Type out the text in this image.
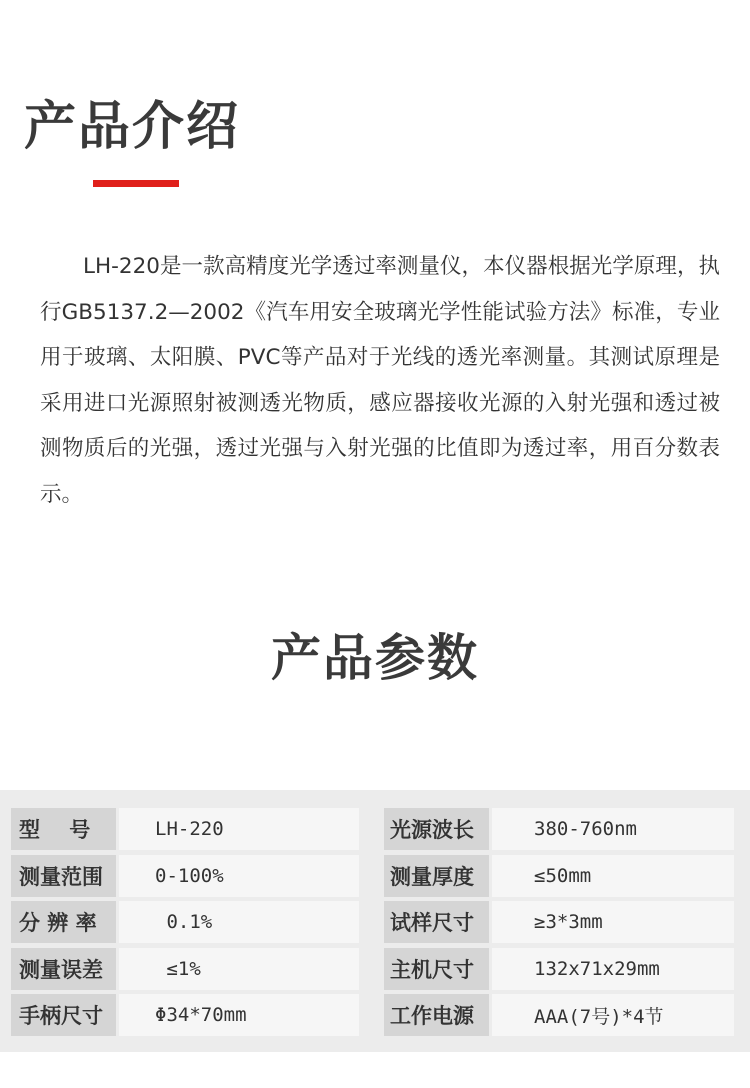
产品介绍

LH-220是一款高精度光学透过率测量仪，本仪器根据光学原理，执行GB5137.2—2002《汽车用安全玻璃光学性能试验方法》标准，专业用于玻璃、太阳膜、PVC等产品对于光线的透光率测量。其测试原理是采用进口光源照射被测透光物质，感应器接收光源的入射光强和透过被测物质后的光强，透过光强与入射光强的比值即为透过率，用百分数表示。

产品参数
型    号	LH-220
测量范围	0-100%
分 辨 率	0.1%
测量误差	≤1%
手柄尺寸	Φ34*70mm
光源波长	380-760nm
测量厚度	≤50mm
试样尺寸	≥3*3mm
主机尺寸	132x71x29mm
工作电源	AAA(7号)*4节
